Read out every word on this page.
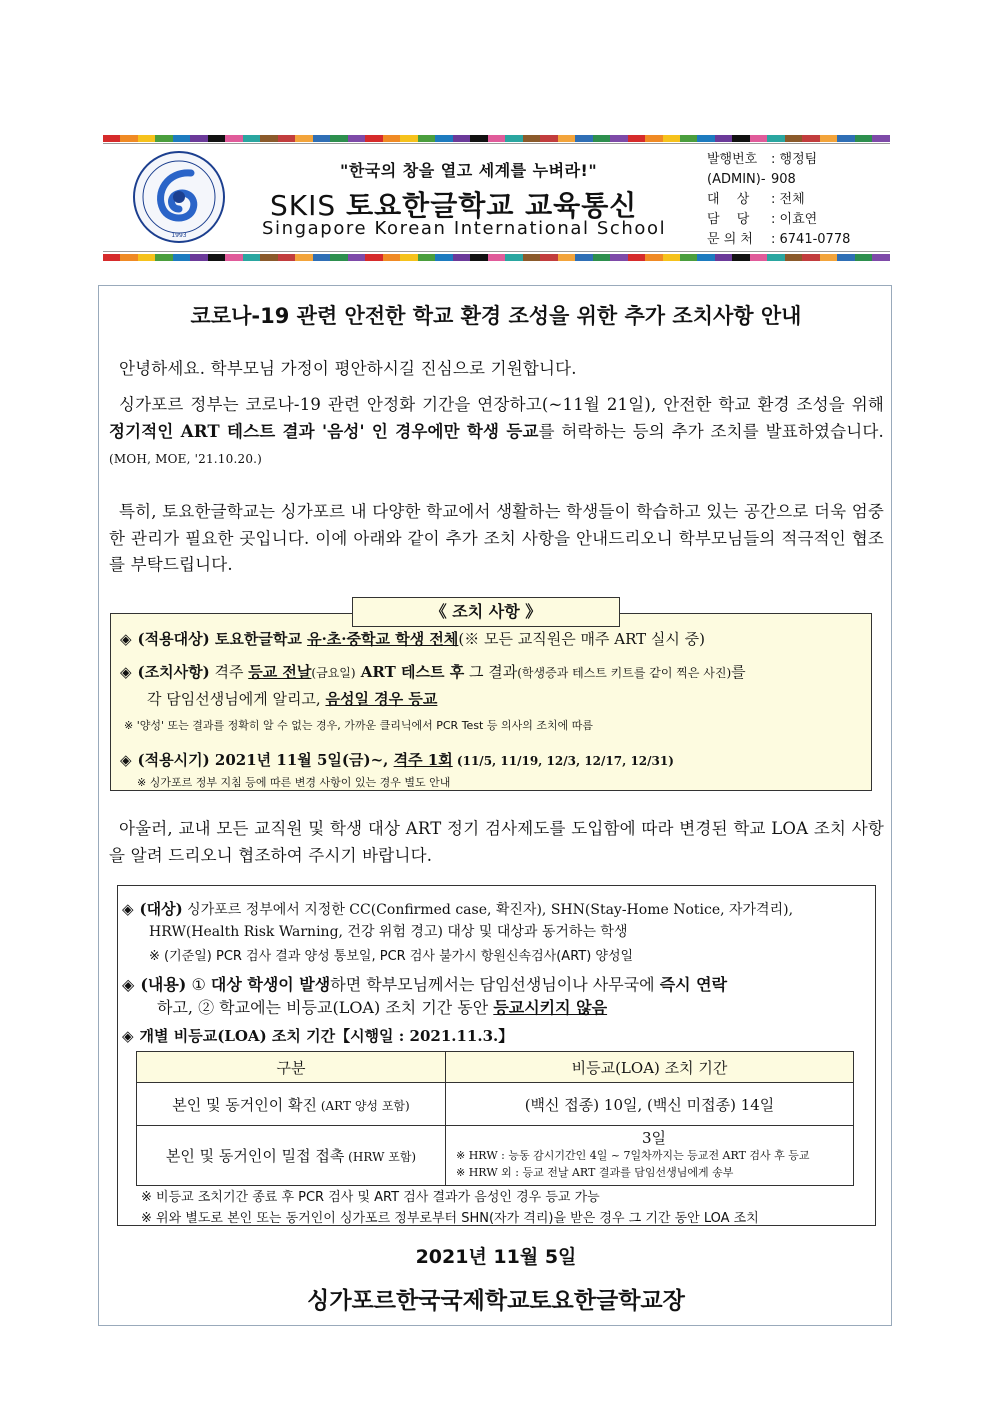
1993
"한국의 창을 열고 세계를 누벼라!"
SKIS 토요한글학교 교육통신
Singapore Korean International School
발행번호 : 행정팀
(ADMIN)- 908
대　 상 : 전체
담　 당 : 이효연
문 의 처 : 6741-0778
코로나-19 관련 안전한 학교 환경 조성을 위한 추가 조치사항 안내
안녕하세요. 학부모님 가정이 평안하시길 진심으로 기원합니다.
싱가포르 정부는 코로나-19 관련 안정화 기간을 연장하고(~11월 21일), 안전한 학교 환경 조성을 위해 정기적인 ART 테스트 결과 '음성' 인 경우에만 학생 등교를 허락하는 등의 추가 조치를 발표하였습니다.(MOH, MOE, '21.10.20.)
특히, 토요한글학교는 싱가포르 내 다양한 학교에서 생활하는 학생들이 학습하고 있는 공간으로 더욱 엄중한 관리가 필요한 곳입니다. 이에 아래와 같이 추가 조치 사항을 안내드리오니 학부모님들의 적극적인 협조를 부탁드립니다.
《 조치 사항 》
◈ (적용대상) 토요한글학교 유·초·중학교 학생 전체(※ 모든 교직원은 매주 ART 실시 중)
◈ (조치사항) 격주 등교 전날(금요일) ART 테스트 후 그 결과(학생증과 테스트 키트를 같이 찍은 사진)를
각 담임선생님에게 알리고, 음성일 경우 등교
※ '양성' 또는 결과를 정확히 알 수 없는 경우, 가까운 클리닉에서 PCR Test 등 의사의 조치에 따름
◈ (적용시기) 2021년 11월 5일(금)~, 격주 1회 (11/5, 11/19, 12/3, 12/17, 12/31)
※ 싱가포르 정부 지침 등에 따른 변경 사항이 있는 경우 별도 안내
아울러, 교내 모든 교직원 및 학생 대상 ART 정기 검사제도를 도입함에 따라 변경된 학교 LOA 조치 사항을 알려 드리오니 협조하여 주시기 바랍니다.
◈ (대상) 싱가포르 정부에서 지정한 CC(Confirmed case, 확진자), SHN(Stay-Home Notice, 자가격리),
HRW(Health Risk Warning, 건강 위험 경고) 대상 및 대상과 동거하는 학생
※ (기준일) PCR 검사 결과 양성 통보일, PCR 검사 불가시 항원신속검사(ART) 양성일
◈ (내용) ① 대상 학생이 발생하면 학부모님께서는 담임선생님이나 사무국에 즉시 연락
하고, ② 학교에는 비등교(LOA) 조치 기간 동안 등교시키지 않음
◈ 개별 비등교(LOA) 조치 기간【시행일 : 2021.11.3.】
구분	비등교(LOA) 조치 기간
본인 및 동거인이 확진 (ART 양성 포함)	(백신 접종) 10일, (백신 미접종) 14일
본인 및 동거인이 밀접 접촉 (HRW 포함)	3일
※ HRW : 능동 감시기간인 4일 ~ 7일차까지는 등교전 ART 검사 후 등교
※ HRW 외 : 등교 전날 ART 결과를 담임선생님에게 송부
※ 비등교 조치기간 종료 후 PCR 검사 및 ART 검사 결과가 음성인 경우 등교 가능
※ 위와 별도로 본인 또는 동거인이 싱가포르 정부로부터 SHN(자가 격리)을 받은 경우 그 기간 동안 LOA 조치
2021년 11월 5일
싱가포르한국국제학교토요한글학교장
